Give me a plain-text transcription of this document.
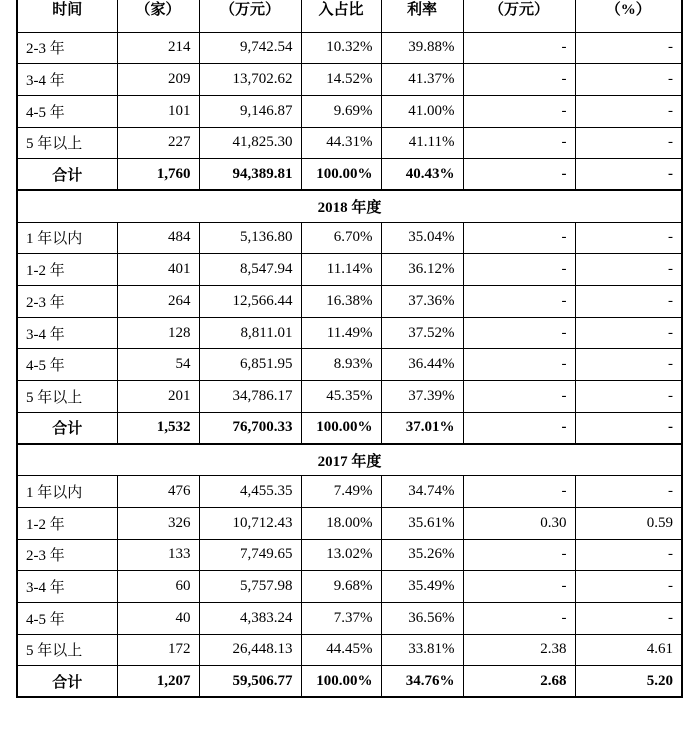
时间	（家）	（万元）	入占比	利率	（万元）	（%）
2-3 年	214	9,742.54	10.32%	39.88%	-	-
3-4 年	209	13,702.62	14.52%	41.37%	-	-
4-5 年	101	9,146.87	9.69%	41.00%	-	-
5 年以上	227	41,825.30	44.31%	41.11%	-	-
合计	1,760	94,389.81	100.00%	40.43%	-	-
2018 年度						
1 年以内	484	5,136.80	6.70%	35.04%	-	-
1-2 年	401	8,547.94	11.14%	36.12%	-	-
2-3 年	264	12,566.44	16.38%	37.36%	-	-
3-4 年	128	8,811.01	11.49%	37.52%	-	-
4-5 年	54	6,851.95	8.93%	36.44%	-	-
5 年以上	201	34,786.17	45.35%	37.39%	-	-
合计	1,532	76,700.33	100.00%	37.01%	-	-
2017 年度						
1 年以内	476	4,455.35	7.49%	34.74%	-	-
1-2 年	326	10,712.43	18.00%	35.61%	0.30	0.59
2-3 年	133	7,749.65	13.02%	35.26%	-	-
3-4 年	60	5,757.98	9.68%	35.49%	-	-
4-5 年	40	4,383.24	7.37%	36.56%	-	-
5 年以上	172	26,448.13	44.45%	33.81%	2.38	4.61
合计	1,207	59,506.77	100.00%	34.76%	2.68	5.20
